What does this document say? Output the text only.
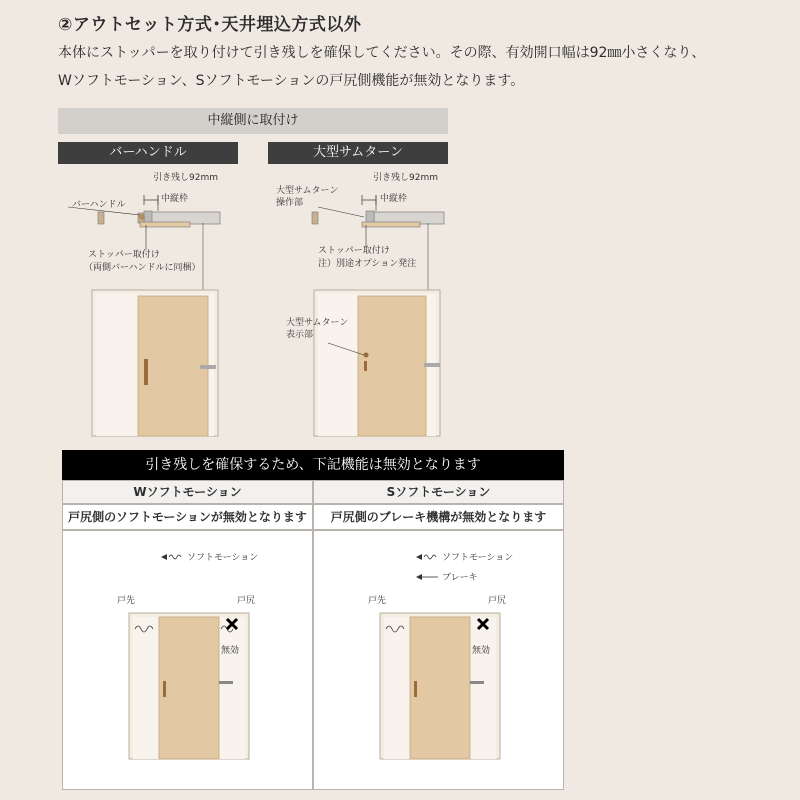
②アウトセット方式･天井埋込方式以外
本体にストッパーを取り付けて引き残しを確保してください。その際、有効開口幅は92㎜小さくなり、
Wソフトモーション、Sソフトモーションの戸尻側機能が無効となります。
中縦側に取付け
バーハンドル	大型サムターン
引き残し92mm
中縦枠
バーハンドル
ストッパー取付け
（両側バーハンドルに同梱）
引き残し92mm
中縦枠
大型サムターン
操作部
ストッパー取付け
注）別途オプション発注
大型サムターン
表示部
引き残しを確保するため、下記機能は無効となります
Wソフトモーション	Sソフトモーション
戸尻側のソフトモーションが無効となります	戸尻側のブレーキ機構が無効となります
ソフトモーション
戸先	戸尻
無効
ソフトモーション
ブレーキ
戸先	戸尻
無効
